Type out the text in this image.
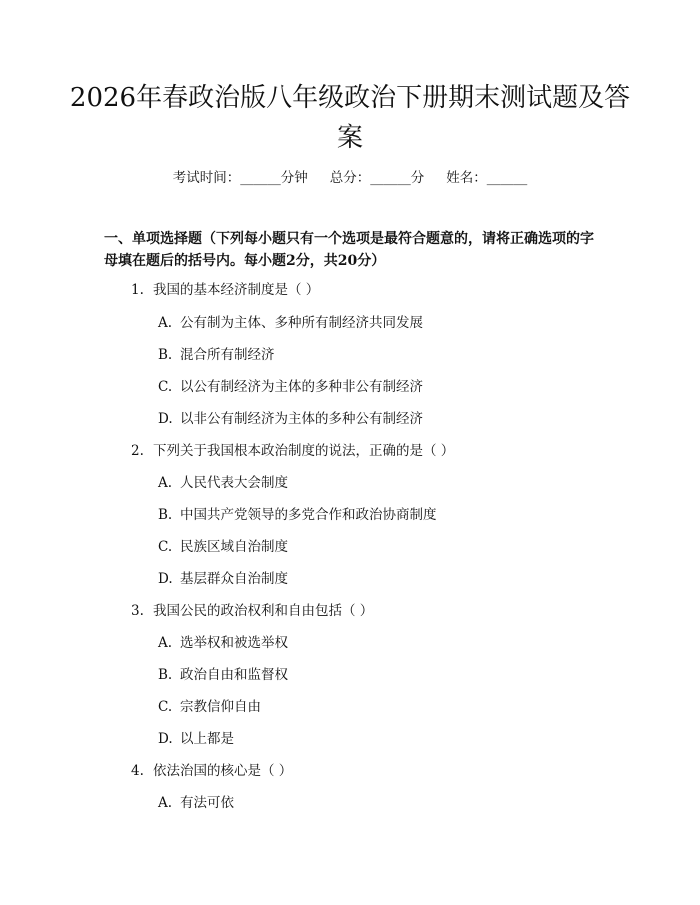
2026年春政治版八年级政治下册期末测试题及答案
考试时间：______分钟 总分：______分 姓名：______

一、单项选择题（下列每小题只有一个选项是最符合题意的，请将正确选项的字母填在题后的括号内。每小题2分，共20分）

1. 我国的基本经济制度是（ ）
A. 公有制为主体、多种所有制经济共同发展
B. 混合所有制经济
C. 以公有制经济为主体的多种非公有制经济
D. 以非公有制经济为主体的多种公有制经济
2. 下列关于我国根本政治制度的说法，正确的是（ ）
A. 人民代表大会制度
B. 中国共产党领导的多党合作和政治协商制度
C. 民族区域自治制度
D. 基层群众自治制度
3. 我国公民的政治权利和自由包括（ ）
A. 选举权和被选举权
B. 政治自由和监督权
C. 宗教信仰自由
D. 以上都是
4. 依法治国的核心是（ ）
A. 有法可依
